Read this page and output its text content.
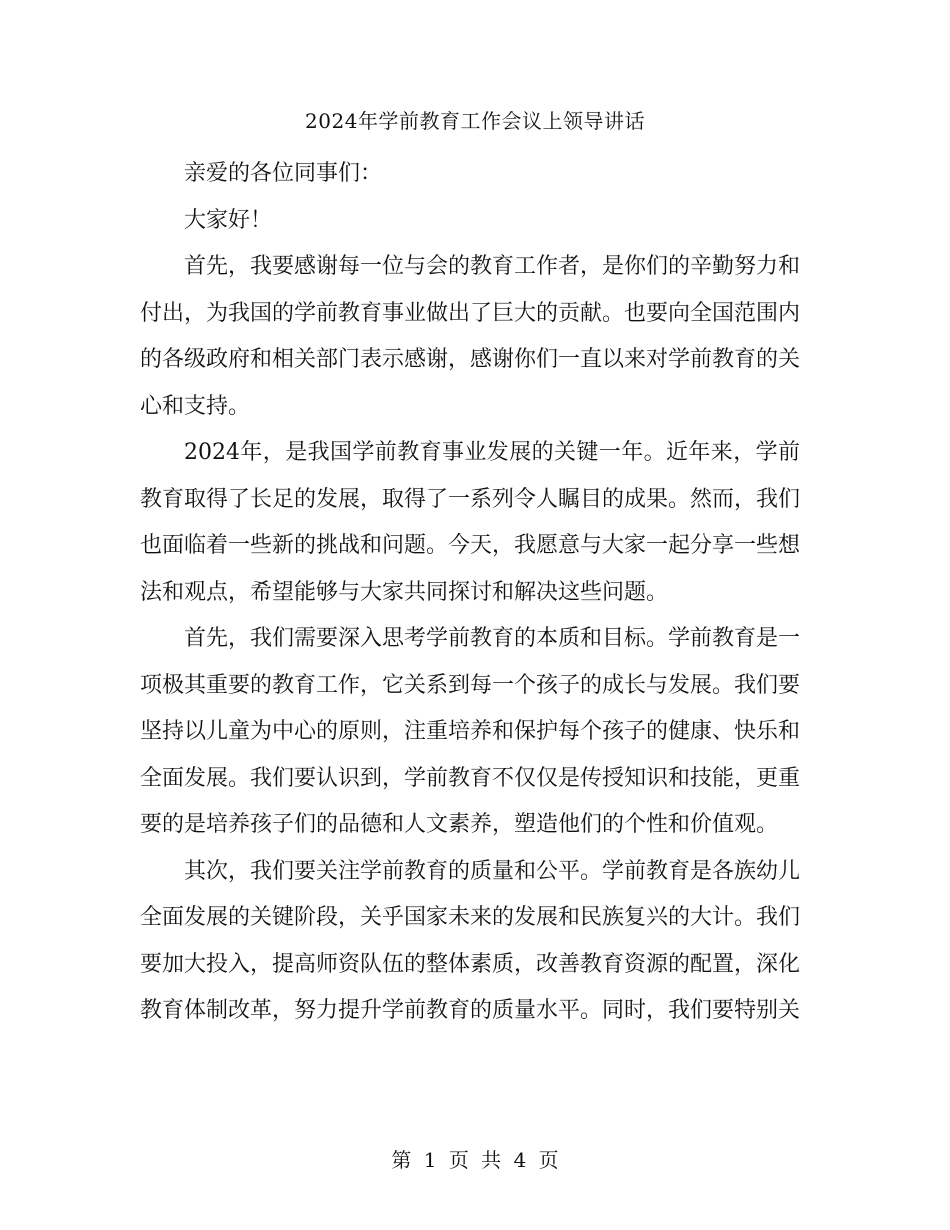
2024年学前教育工作会议上领导讲话

亲爱的各位同事们：

大家好！

首先，我要感谢每一位与会的教育工作者，是你们的辛勤努力和付出，为我国的学前教育事业做出了巨大的贡献。也要向全国范围内的各级政府和相关部门表示感谢，感谢你们一直以来对学前教育的关心和支持。

2024年，是我国学前教育事业发展的关键一年。近年来，学前教育取得了长足的发展，取得了一系列令人瞩目的成果。然而，我们也面临着一些新的挑战和问题。今天，我愿意与大家一起分享一些想法和观点，希望能够与大家共同探讨和解决这些问题。

首先，我们需要深入思考学前教育的本质和目标。学前教育是一项极其重要的教育工作，它关系到每一个孩子的成长与发展。我们要坚持以儿童为中心的原则，注重培养和保护每个孩子的健康、快乐和全面发展。我们要认识到，学前教育不仅仅是传授知识和技能，更重要的是培养孩子们的品德和人文素养，塑造他们的个性和价值观。

其次，我们要关注学前教育的质量和公平。学前教育是各族幼儿全面发展的关键阶段，关乎国家未来的发展和民族复兴的大计。我们要加大投入，提高师资队伍的整体素质，改善教育资源的配置，深化教育体制改革，努力提升学前教育的质量水平。同时，我们要特别关

第 1 页 共 4 页
